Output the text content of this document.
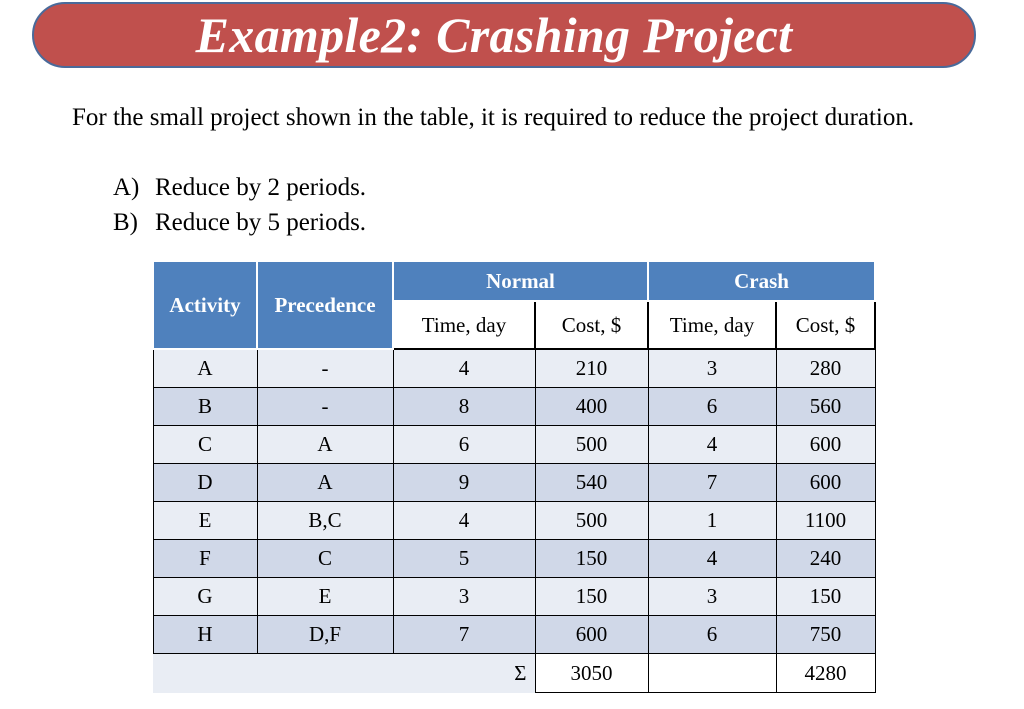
Example2: Crashing Project
For the small project shown in the table, it is required to reduce the project duration.
A) Reduce by 2 periods.
B) Reduce by 5 periods.
Activity	Precedence	Normal		Crash	
		Time, day	Cost, $	Time, day	Cost, $
A	-	4	210	3	280
B	-	8	400	6	560
C	A	6	500	4	600
D	A	9	540	7	600
E	B,C	4	500	1	1100
F	C	5	150	4	240
G	E	3	150	3	150
H	D,F	7	600	6	750
		Σ	3050		4280
